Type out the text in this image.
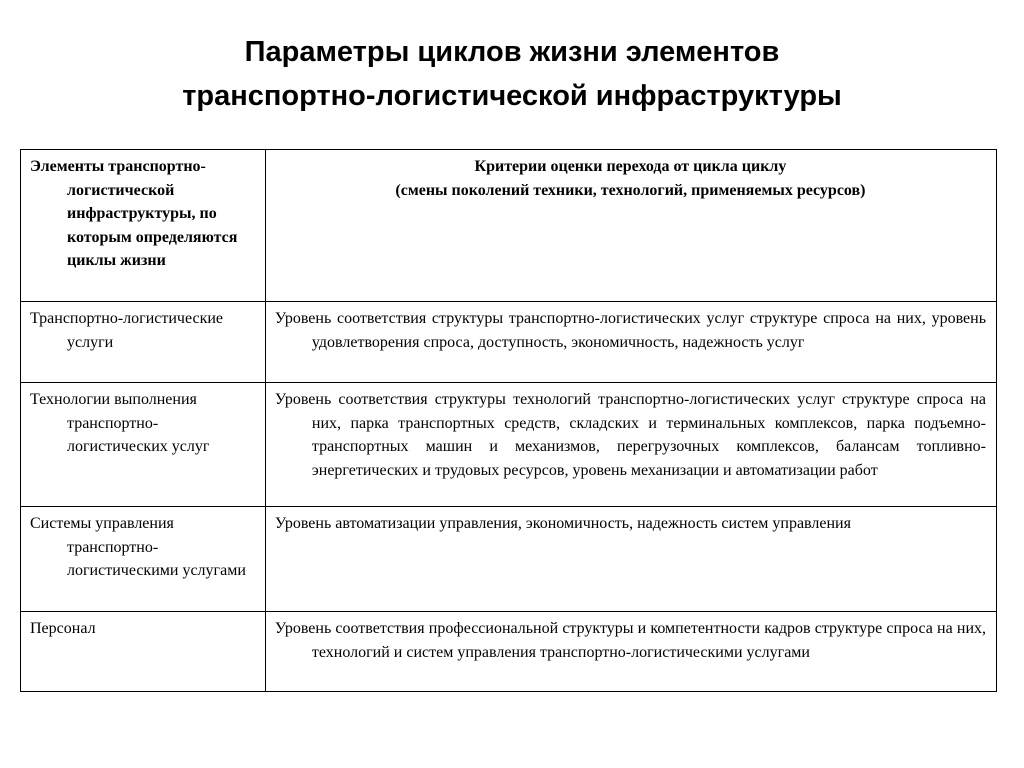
Параметры циклов жизни элементов
транспортно-логистической инфраструктуры
Элементы транспортно-логистической инфраструктуры, по которым определяются циклы жизни	Критерии оценки перехода от цикла циклу
(смены поколений техники, технологий, применяемых ресурсов)

Транспортно-логистические услуги	Уровень соответствия структуры транспортно-логистических услуг структуре спроса на них, уровень удовлетворения спроса, доступность, экономичность, надежность услуг

Технологии выполнения транспортно-логистических услуг	Уровень соответствия структуры технологий транспортно-логистических услуг структуре спроса на них, парка транспортных средств, складских и терминальных комплексов, парка подъемно-транспортных машин и механизмов, перегрузочных комплексов, балансам топливно-энергетических и трудовых ресурсов, уровень механизации и автоматизации работ

Системы управления транспортно-логистическими услугами	Уровень автоматизации управления, экономичность, надежность систем управления

Персонал	Уровень соответствия профессиональной структуры и компетентности кадров структуре спроса на них, технологий и систем управления транспортно-логистическими услугами
